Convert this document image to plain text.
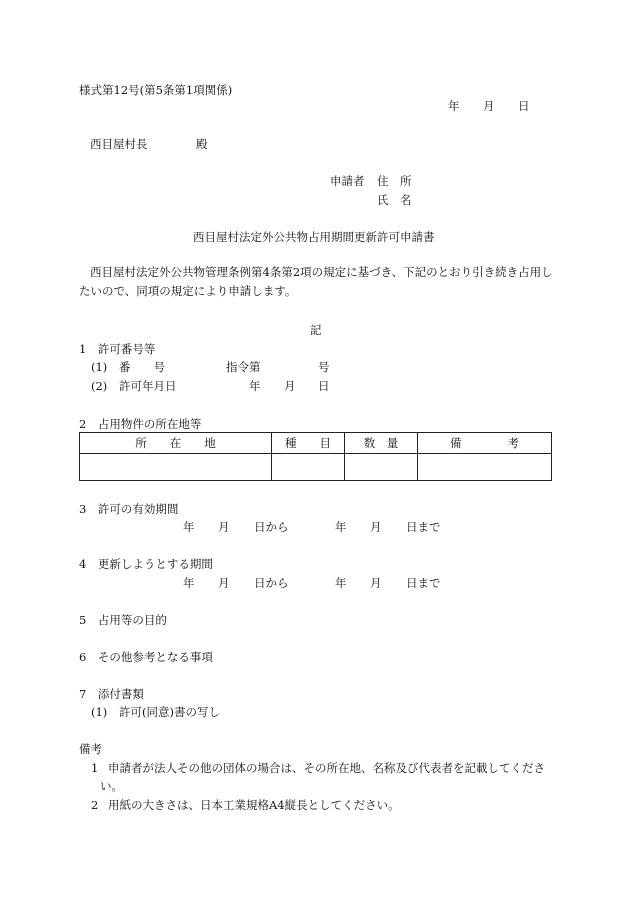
様式第12号(第5条第1項関係)
年 月 日
西目屋村長	殿
申請者 住　所
氏　名
西目屋村法定外公共物占用期間更新許可申請書
西目屋村法定外公共物管理条例第4条第2項の規定に基づき、下記のとおり引き続き占用し
たいので、同項の規定により申請します。
記
1　許可番号等
(1) 番　　号	指令第	号
(2) 許可年月日	年 月 日
2　占用物件の所在地等
所　　在　　地	種　　目	数　量	備　　　　考

3　許可の有効期間
年 月 日から	年 月 日まで
4　更新しようとする期間
年 月 日から	年 月 日まで
5　占用等の目的
6　その他参考となる事項
7　添付書類
(1) 許可(同意)書の写し
備考
1 申請者が法人その他の団体の場合は、その所在地、名称及び代表者を記載してくださ
い。
2 用紙の大きさは、日本工業規格A4縦長としてください。
